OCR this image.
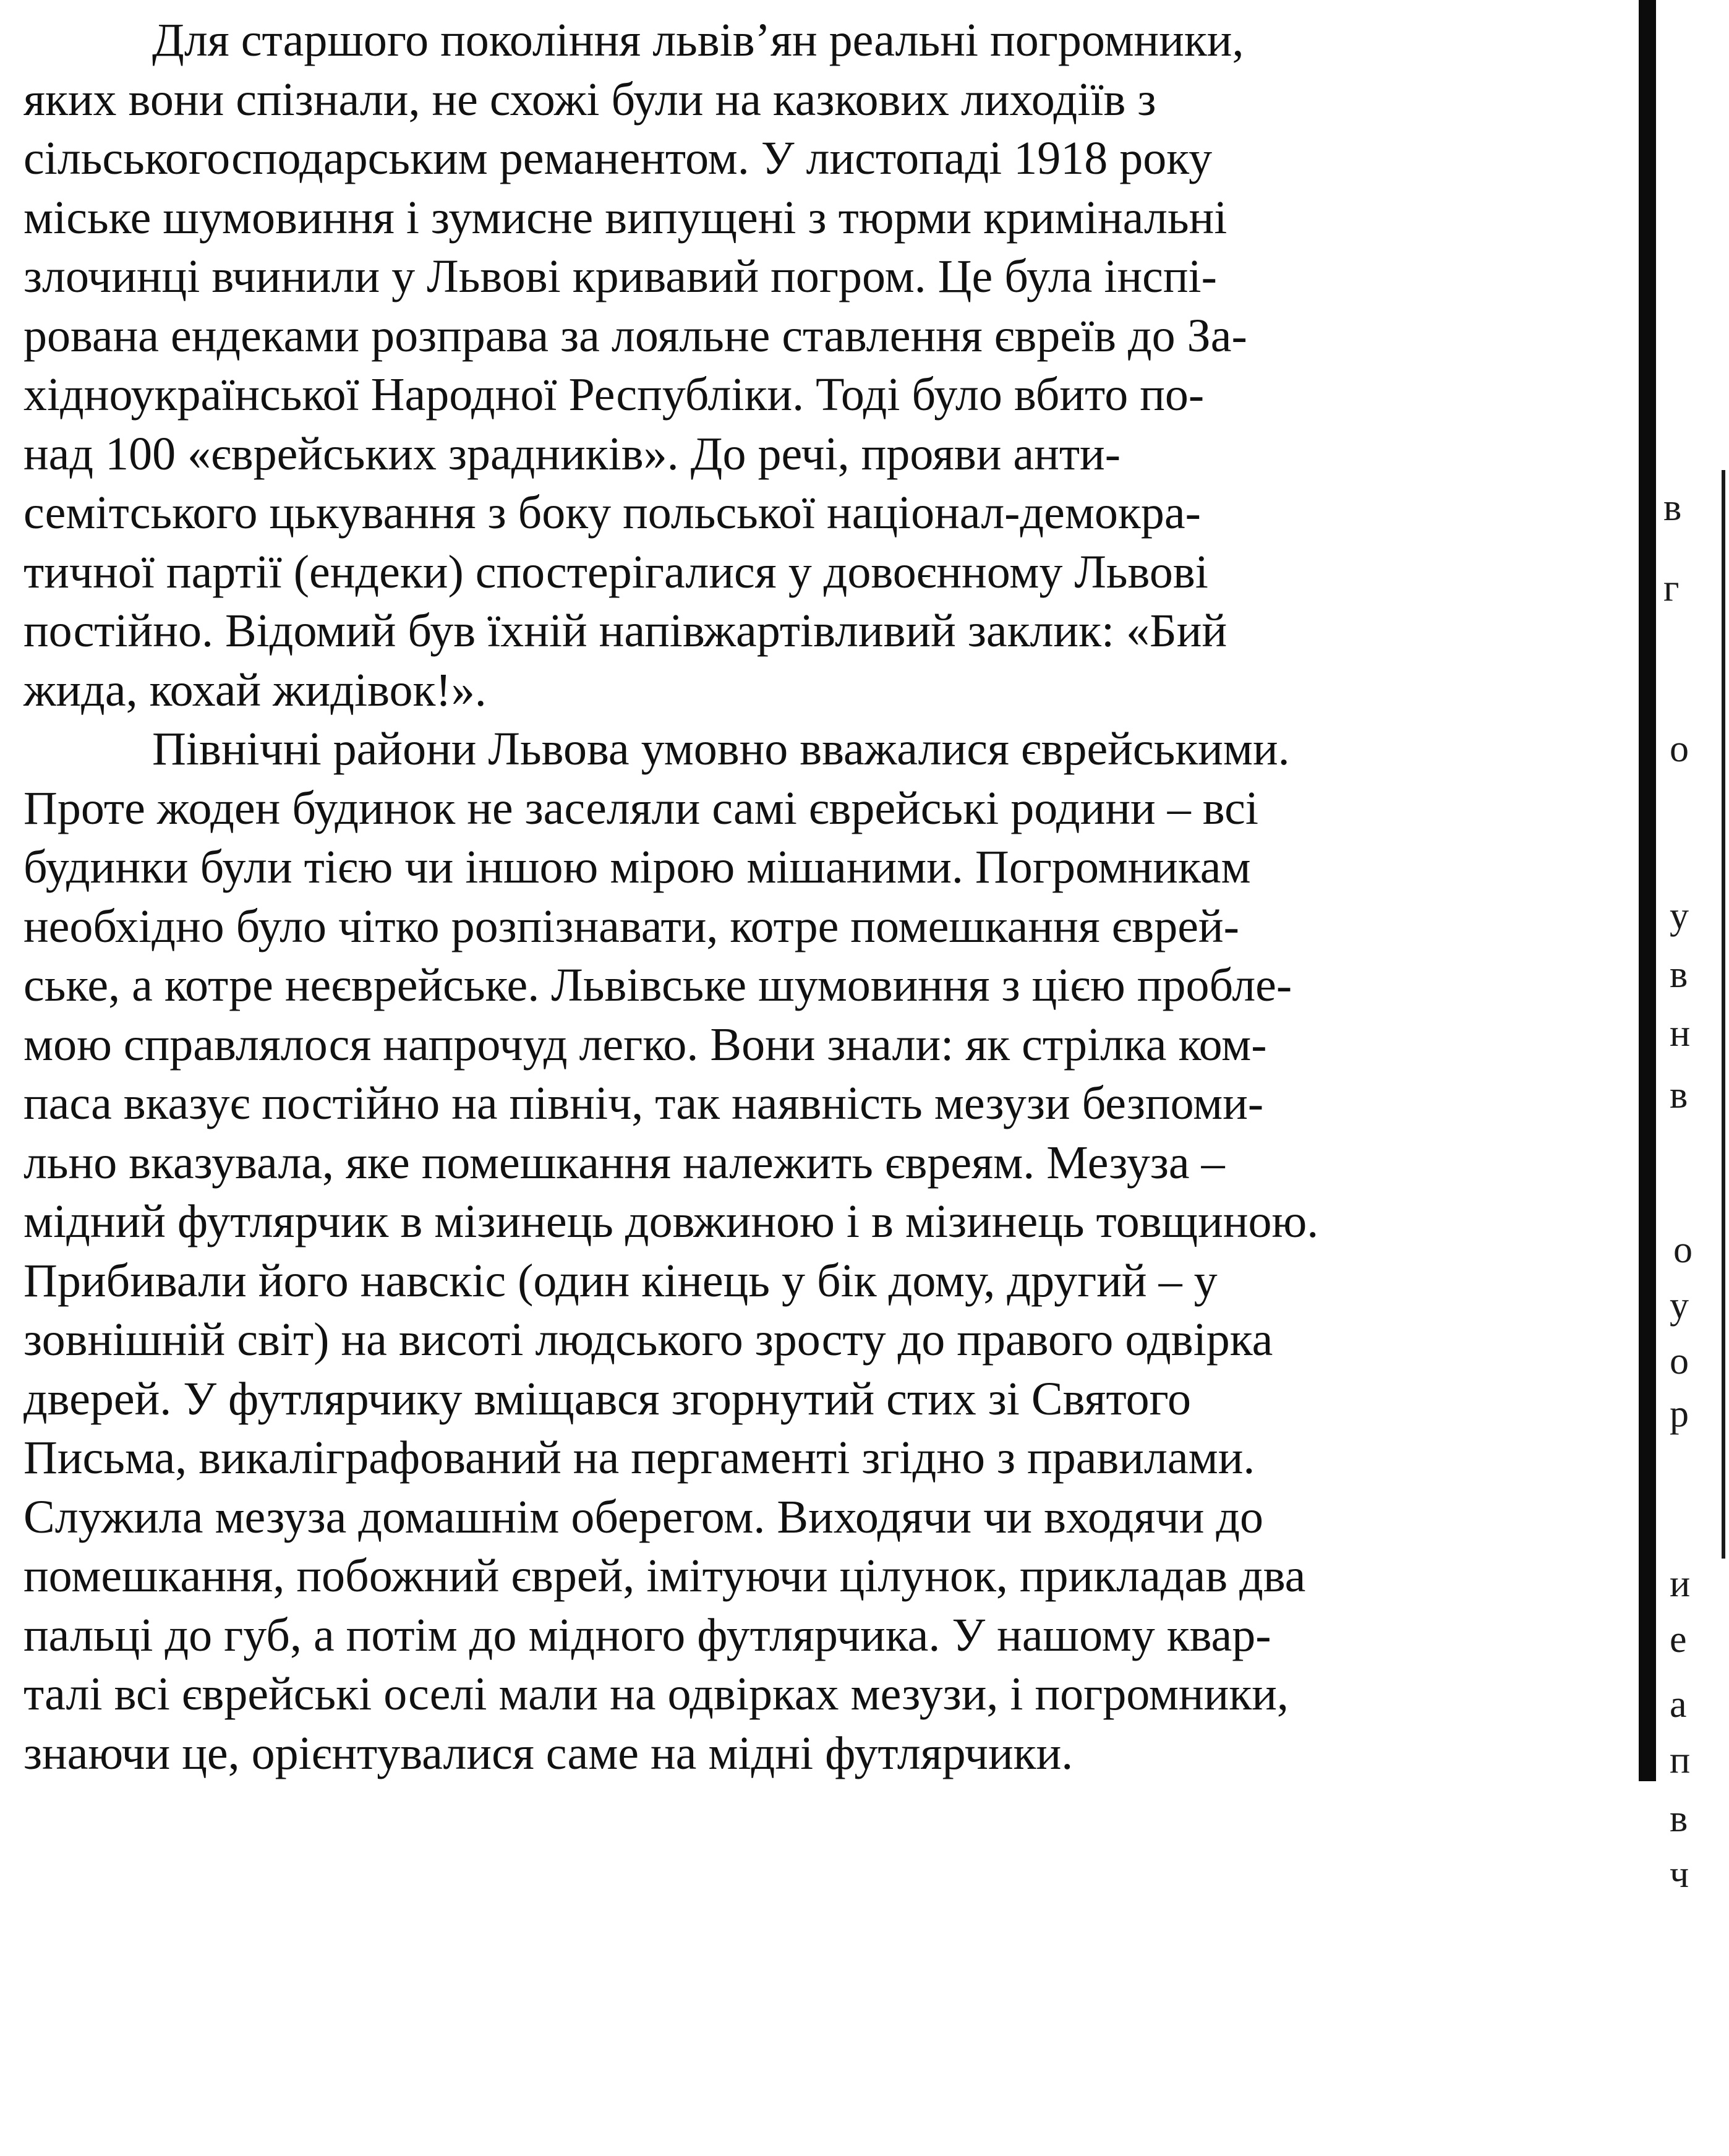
Для старшого покоління львів’ян реальні погромники,
яких вони спізнали, не схожі були на казкових лиходіїв з
сільськогосподарським реманентом. У листопаді 1918 року
міське шумовиння і зумисне випущені з тюрми кримінальні
злочинці вчинили у Львові кривавий погром. Це була інспі-
рована ендеками розправа за лояльне ставлення євреїв до За-
хідноукраїнської Народної Республіки. Тоді було вбито по-
над 100 «єврейських зрадників». До речі, прояви анти-
семітського цькування з боку польської націонал-демокра-
тичної партії (ендеки) спостерігалися у довоєнному Львові
постійно. Відомий був їхній напівжартівливий заклик: «Бий
жида, кохай жидівок!».
Північні райони Львова умовно вважалися єврейськими.
Проте жоден будинок не заселяли самі єврейські родини – всі
будинки були тією чи іншою мірою мішаними. Погромникам
необхідно було чітко розпізнавати, котре помешкання єврей-
ське, а котре неєврейське. Львівське шумовиння з цією пробле-
мою справлялося напрочуд легко. Вони знали: як стрілка ком-
паса вказує постійно на північ, так наявність мезузи безпоми-
льно вказувала, яке помешкання належить євреям. Мезуза –
мідний футлярчик в мізинець довжиною і в мізинець товщиною.
Прибивали його навскіс (один кінець у бік дому, другий – у
зовнішній світ) на висоті людського зросту до правого одвірка
дверей. У футлярчику вміщався згорнутий стих зі Святого
Письма, викаліграфований на пергаменті згідно з правилами.
Служила мезуза домашнім оберегом. Виходячи чи входячи до
помешкання, побожний єврей, імітуючи цілунок, прикладав два
пальці до губ, а потім до мідного футлярчика. У нашому квар-
талі всі єврейські оселі мали на одвірках мезузи, і погромники,
знаючи це, орієнтувалися саме на мідні футлярчики.
в
г
о
у
в
н
в
о
у
о
р
и
е
а
п
в
ч
